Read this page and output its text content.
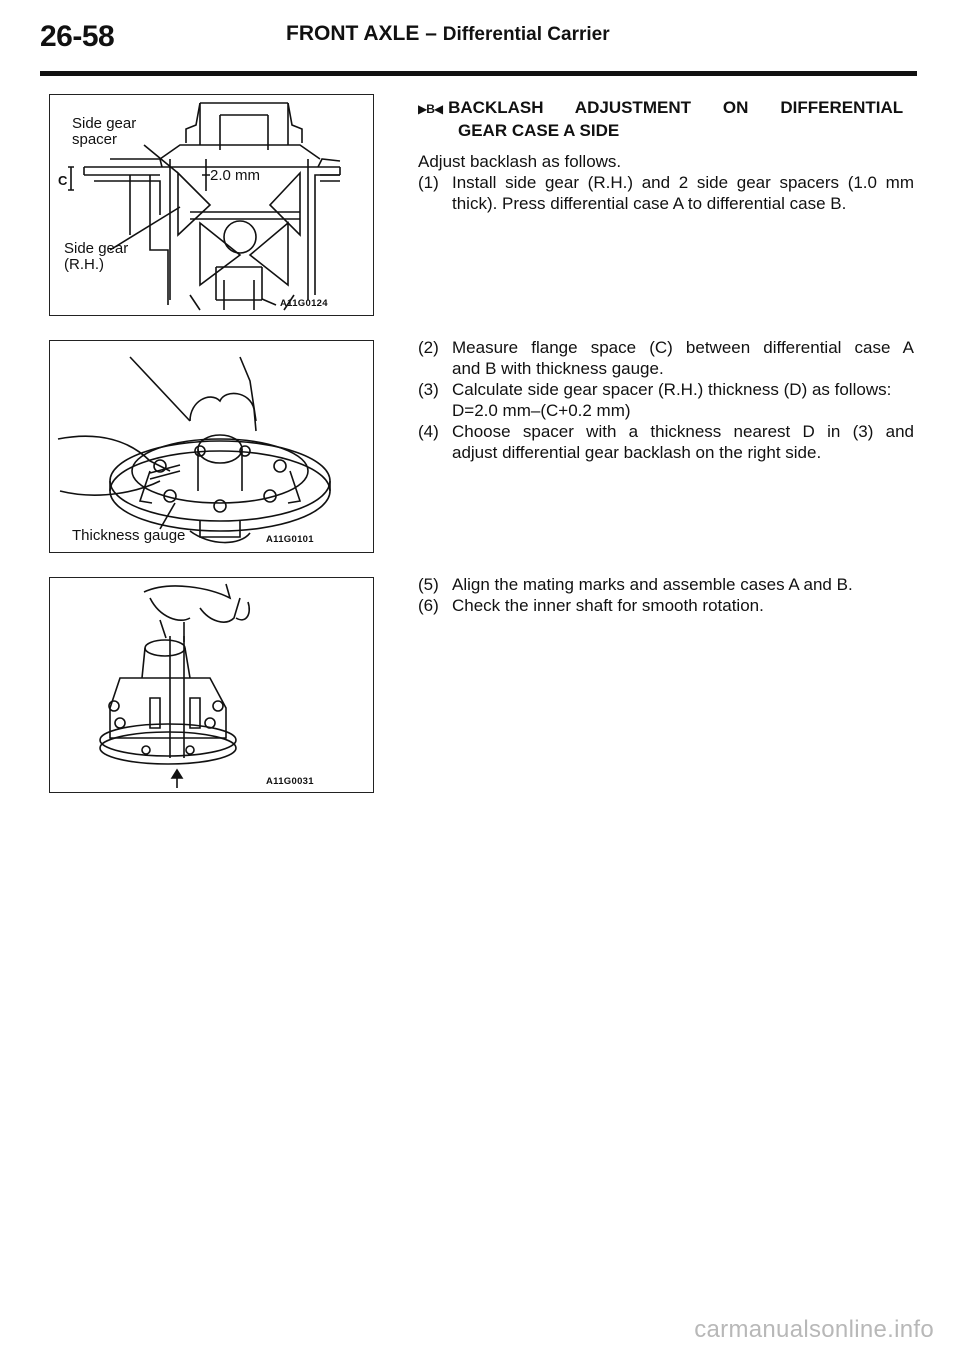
26-58	FRONT AXLE – Differential Carrier
Side gear
spacer
C	2.0 mm
Side gear
(R.H.)
A11G0124
Thickness gauge	A11G0101
A11G0031
▶B◀ BACKLASH ADJUSTMENT ON DIFFERENTIAL
GEAR CASE A SIDE
Adjust backlash as follows.
(1) Install side gear (R.H.) and 2 side gear spacers (1.0 mm
thick). Press differential case A to differential case B.
(2) Measure flange space (C) between differential case A
and B with thickness gauge.
(3) Calculate side gear spacer (R.H.) thickness (D) as follows:
D=2.0 mm–(C+0.2 mm)
(4) Choose spacer with a thickness nearest D in (3) and
adjust differential gear backlash on the right side.
(5) Align the mating marks and assemble cases A and B.
(6) Check the inner shaft for smooth rotation.
carmanualsonline.info
